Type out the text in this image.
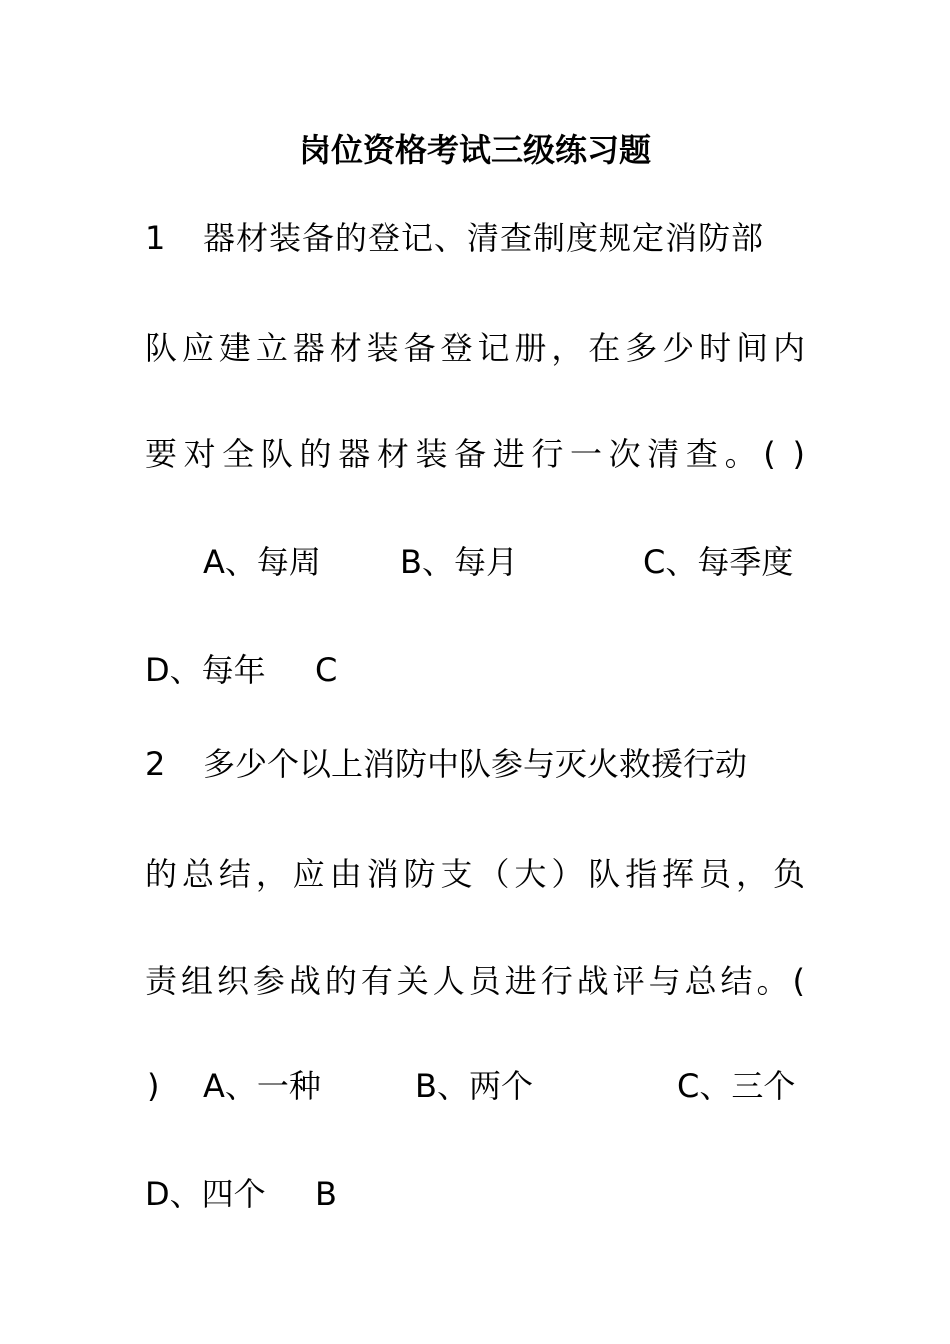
岗位资格考试三级练习题
1 器材装备的登记、清查制度规定消防部
队应建立器材装备登记册，在多少时间内
要对全队的器材装备进行一次清查。( )
A、每周 B、每月	C、每季度
D、每年 C
2 多少个以上消防中队参与灭火救援行动
的总结，应由消防支（大）队指挥员，负
责组织参战的有关人员进行战评与总结。(
) A、一种	B、两个	C、三个
D、四个 B
